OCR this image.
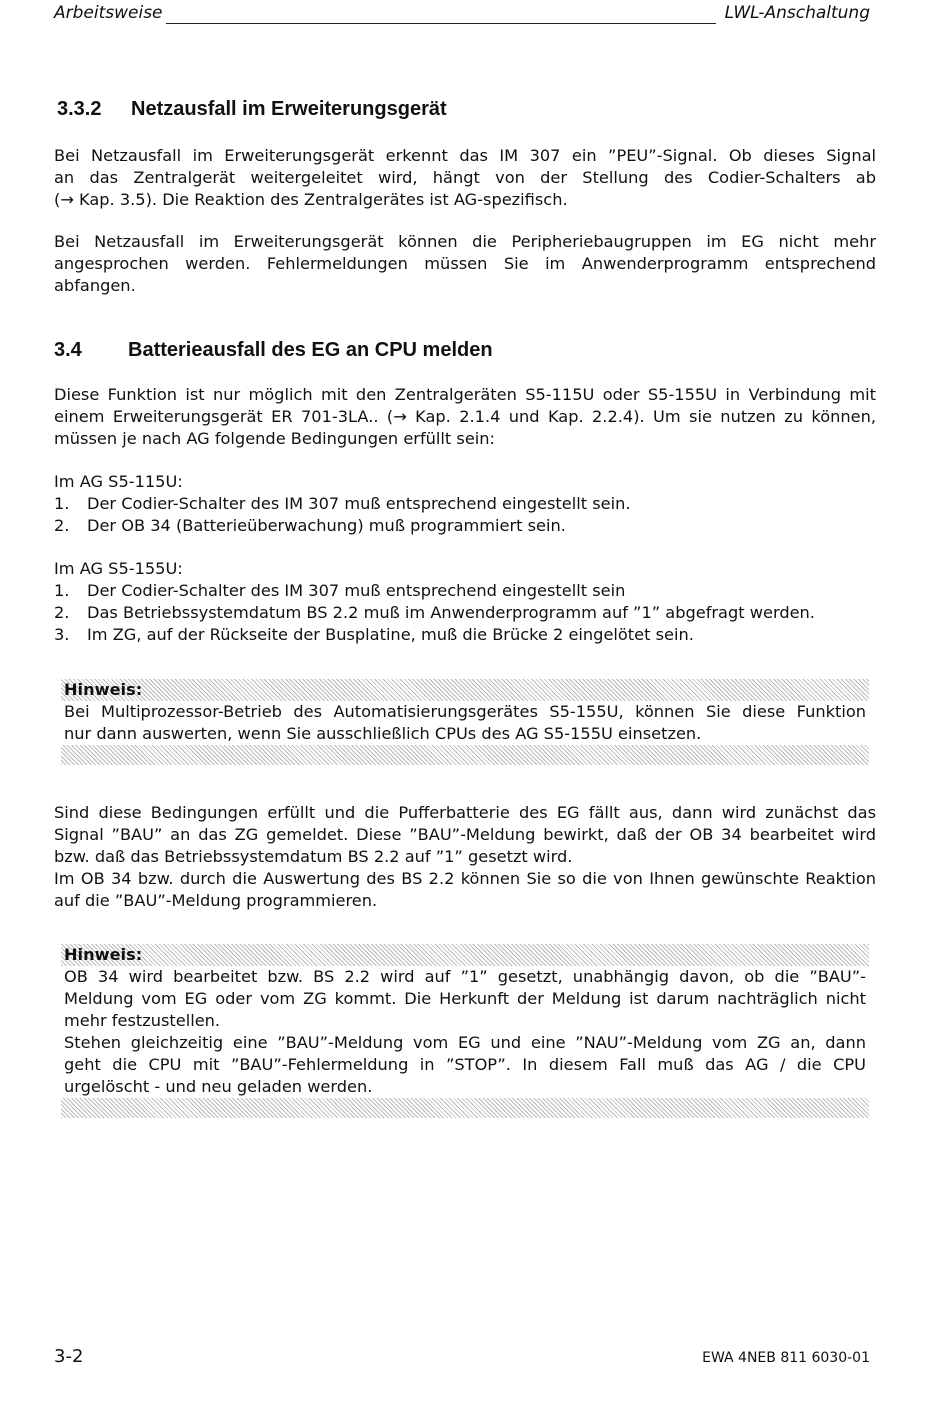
Arbeitsweise	LWL-Anschaltung
3.3.2 Netzausfall im Erweiterungsgerät
Bei Netzausfall im Erweiterungsgerät erkennt das IM 307 ein ”PEU”-Signal. Ob dieses Signal
an das Zentralgerät weitergeleitet wird, hängt von der Stellung des Codier-Schalters ab
(→ Kap. 3.5). Die Reaktion des Zentralgerätes ist AG-spezifisch.
Bei Netzausfall im Erweiterungsgerät können die Peripheriebaugruppen im EG nicht mehr
angesprochen werden. Fehlermeldungen müssen Sie im Anwenderprogramm entsprechend
abfangen.
3.4 Batterieausfall des EG an CPU melden
Diese Funktion ist nur möglich mit den Zentralgeräten S5-115U oder S5-155U in Verbindung mit
einem Erweiterungsgerät ER 701-3LA.. (→ Kap. 2.1.4 und Kap. 2.2.4). Um sie nutzen zu können,
müssen je nach AG folgende Bedingungen erfüllt sein:
Im AG S5-115U:
1. Der Codier-Schalter des IM 307 muß entsprechend eingestellt sein.
2. Der OB 34 (Batterieüberwachung) muß programmiert sein.
Im AG S5-155U:
1. Der Codier-Schalter des IM 307 muß entsprechend eingestellt sein
2. Das Betriebssystemdatum BS 2.2 muß im Anwenderprogramm auf ”1” abgefragt werden.
3. Im ZG, auf der Rückseite der Busplatine, muß die Brücke 2 eingelötet sein.
Hinweis:
Bei Multiprozessor-Betrieb des Automatisierungsgerätes S5-155U, können Sie diese Funktion
nur dann auswerten, wenn Sie ausschließlich CPUs des AG S5-155U einsetzen.
Sind diese Bedingungen erfüllt und die Pufferbatterie des EG fällt aus, dann wird zunächst das
Signal ”BAU” an das ZG gemeldet. Diese ”BAU”-Meldung bewirkt, daß der OB 34 bearbeitet wird
bzw. daß das Betriebssystemdatum BS 2.2 auf ”1” gesetzt wird.
Im OB 34 bzw. durch die Auswertung des BS 2.2 können Sie so die von Ihnen gewünschte Reaktion
auf die ”BAU”-Meldung programmieren.
Hinweis:
OB 34 wird bearbeitet bzw. BS 2.2 wird auf ”1” gesetzt, unabhängig davon, ob die ”BAU”-
Meldung vom EG oder vom ZG kommt. Die Herkunft der Meldung ist darum nachträglich nicht
mehr festzustellen.
Stehen gleichzeitig eine ”BAU”-Meldung vom EG und eine ”NAU”-Meldung vom ZG an, dann
geht die CPU mit ”BAU”-Fehlermeldung in ”STOP”. In diesem Fall muß das AG / die CPU
urgelöscht - und neu geladen werden.
3-2	EWA 4NEB 811 6030-01
